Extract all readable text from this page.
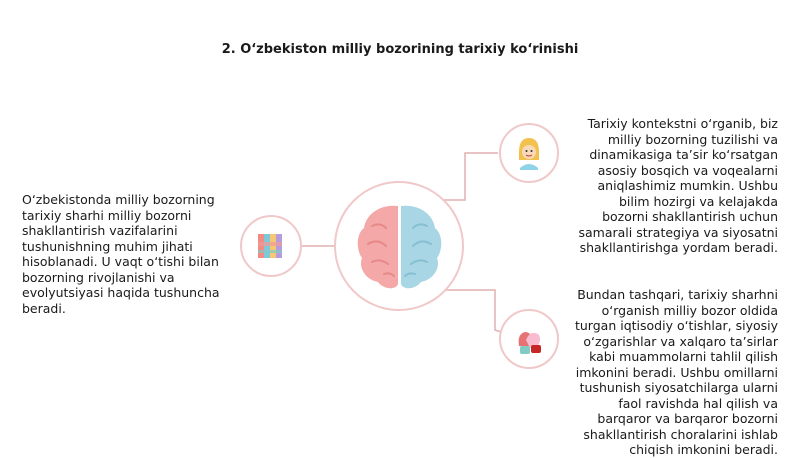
2. O‘zbekiston milliy bozorining tarixiy ko‘rinishi

O‘zbekistonda milliy bozorning tarixiy sharhi milliy bozorni shakllantirish vazifalarini tushunishning muhim jihati hisoblanadi. U vaqt o‘tishi bilan bozorning rivojlanishi va evolyutsiyasi haqida tushuncha beradi.

Tarixiy kontekstni o‘rganib, biz milliy bozorning tuzilishi va dinamikasiga ta’sir ko‘rsatgan asosiy bosqich va voqealarni aniqlashimiz mumkin. Ushbu bilim hozirgi va kelajakda bozorni shakllantirish uchun samarali strategiya va siyosatni shakllantirishga yordam beradi.

Bundan tashqari, tarixiy sharhni o‘rganish milliy bozor oldida turgan iqtisodiy o‘tishlar, siyosiy o‘zgarishlar va xalqaro ta’sirlar kabi muammolarni tahlil qilish imkonini beradi. Ushbu omillarni tushunish siyosatchilarga ularni faol ravishda hal qilish va barqaror va barqaror bozorni shakllantirish choralarini ishlab chiqish imkonini beradi.
